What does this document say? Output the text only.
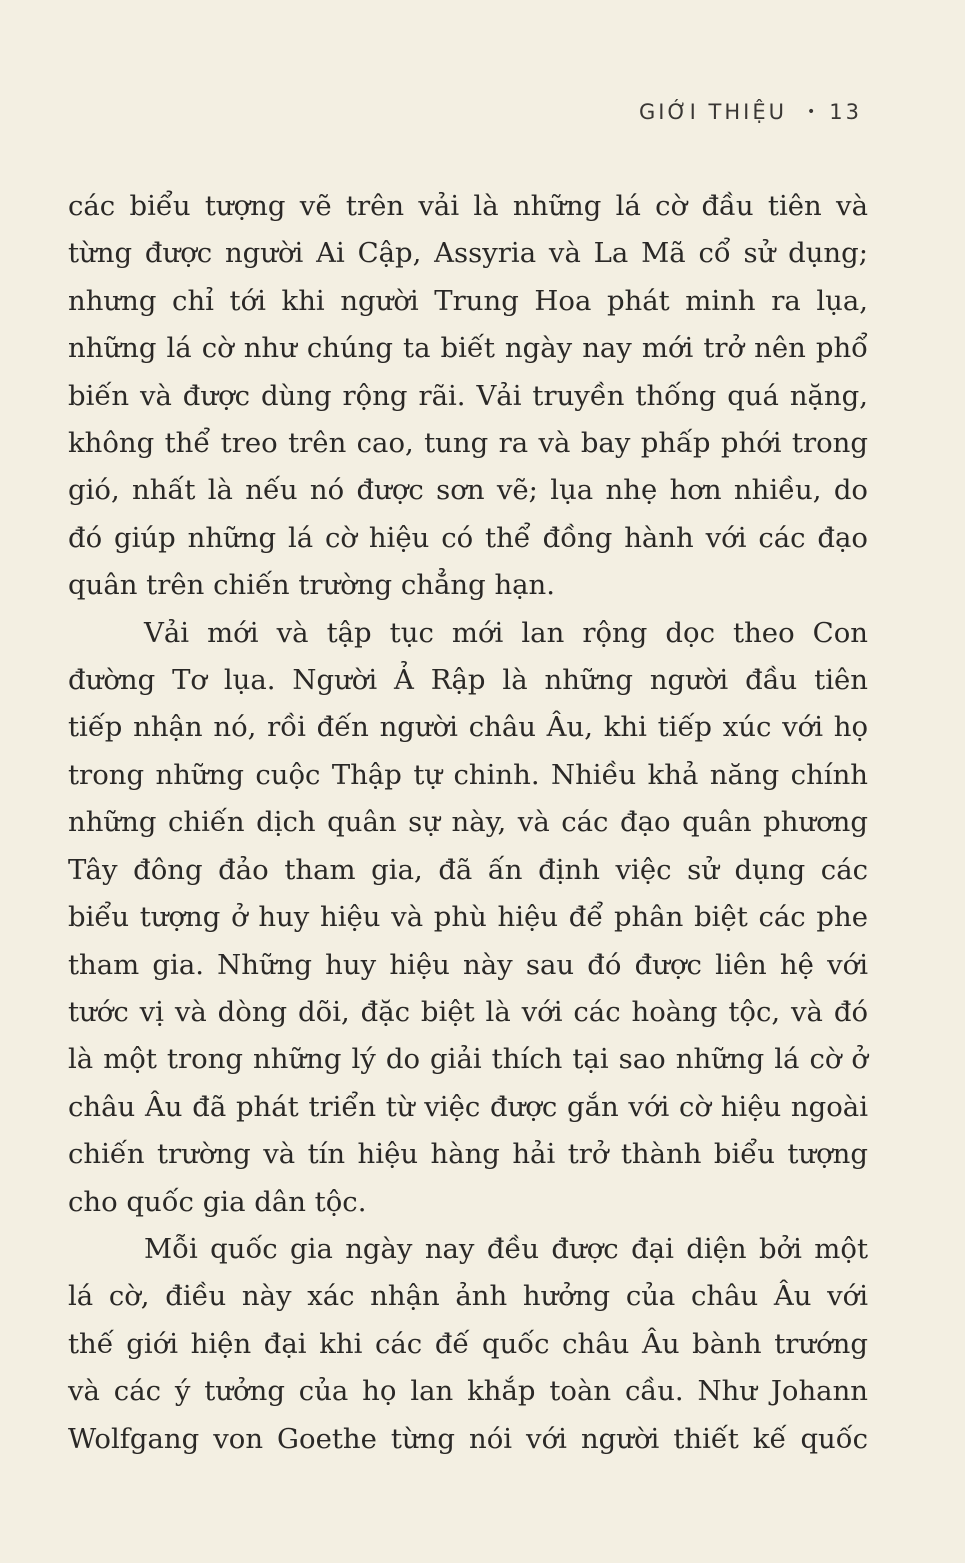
GIỚI THIỆU • 13
các biểu tượng vẽ trên vải là những lá cờ đầu tiên và
từng được người Ai Cập, Assyria và La Mã cổ sử dụng;
nhưng chỉ tới khi người Trung Hoa phát minh ra lụa,
những lá cờ như chúng ta biết ngày nay mới trở nên phổ
biến và được dùng rộng rãi. Vải truyền thống quá nặng,
không thể treo trên cao, tung ra và bay phấp phới trong
gió, nhất là nếu nó được sơn vẽ; lụa nhẹ hơn nhiều, do
đó giúp những lá cờ hiệu có thể đồng hành với các đạo
quân trên chiến trường chẳng hạn.
Vải mới và tập tục mới lan rộng dọc theo Con
đường Tơ lụa. Người Ả Rập là những người đầu tiên
tiếp nhận nó, rồi đến người châu Âu, khi tiếp xúc với họ
trong những cuộc Thập tự chinh. Nhiều khả năng chính
những chiến dịch quân sự này, và các đạo quân phương
Tây đông đảo tham gia, đã ấn định việc sử dụng các
biểu tượng ở huy hiệu và phù hiệu để phân biệt các phe
tham gia. Những huy hiệu này sau đó được liên hệ với
tước vị và dòng dõi, đặc biệt là với các hoàng tộc, và đó
là một trong những lý do giải thích tại sao những lá cờ ở
châu Âu đã phát triển từ việc được gắn với cờ hiệu ngoài
chiến trường và tín hiệu hàng hải trở thành biểu tượng
cho quốc gia dân tộc.
Mỗi quốc gia ngày nay đều được đại diện bởi một
lá cờ, điều này xác nhận ảnh hưởng của châu Âu với
thế giới hiện đại khi các đế quốc châu Âu bành trướng
và các ý tưởng của họ lan khắp toàn cầu. Như Johann
Wolfgang von Goethe từng nói với người thiết kế quốc
